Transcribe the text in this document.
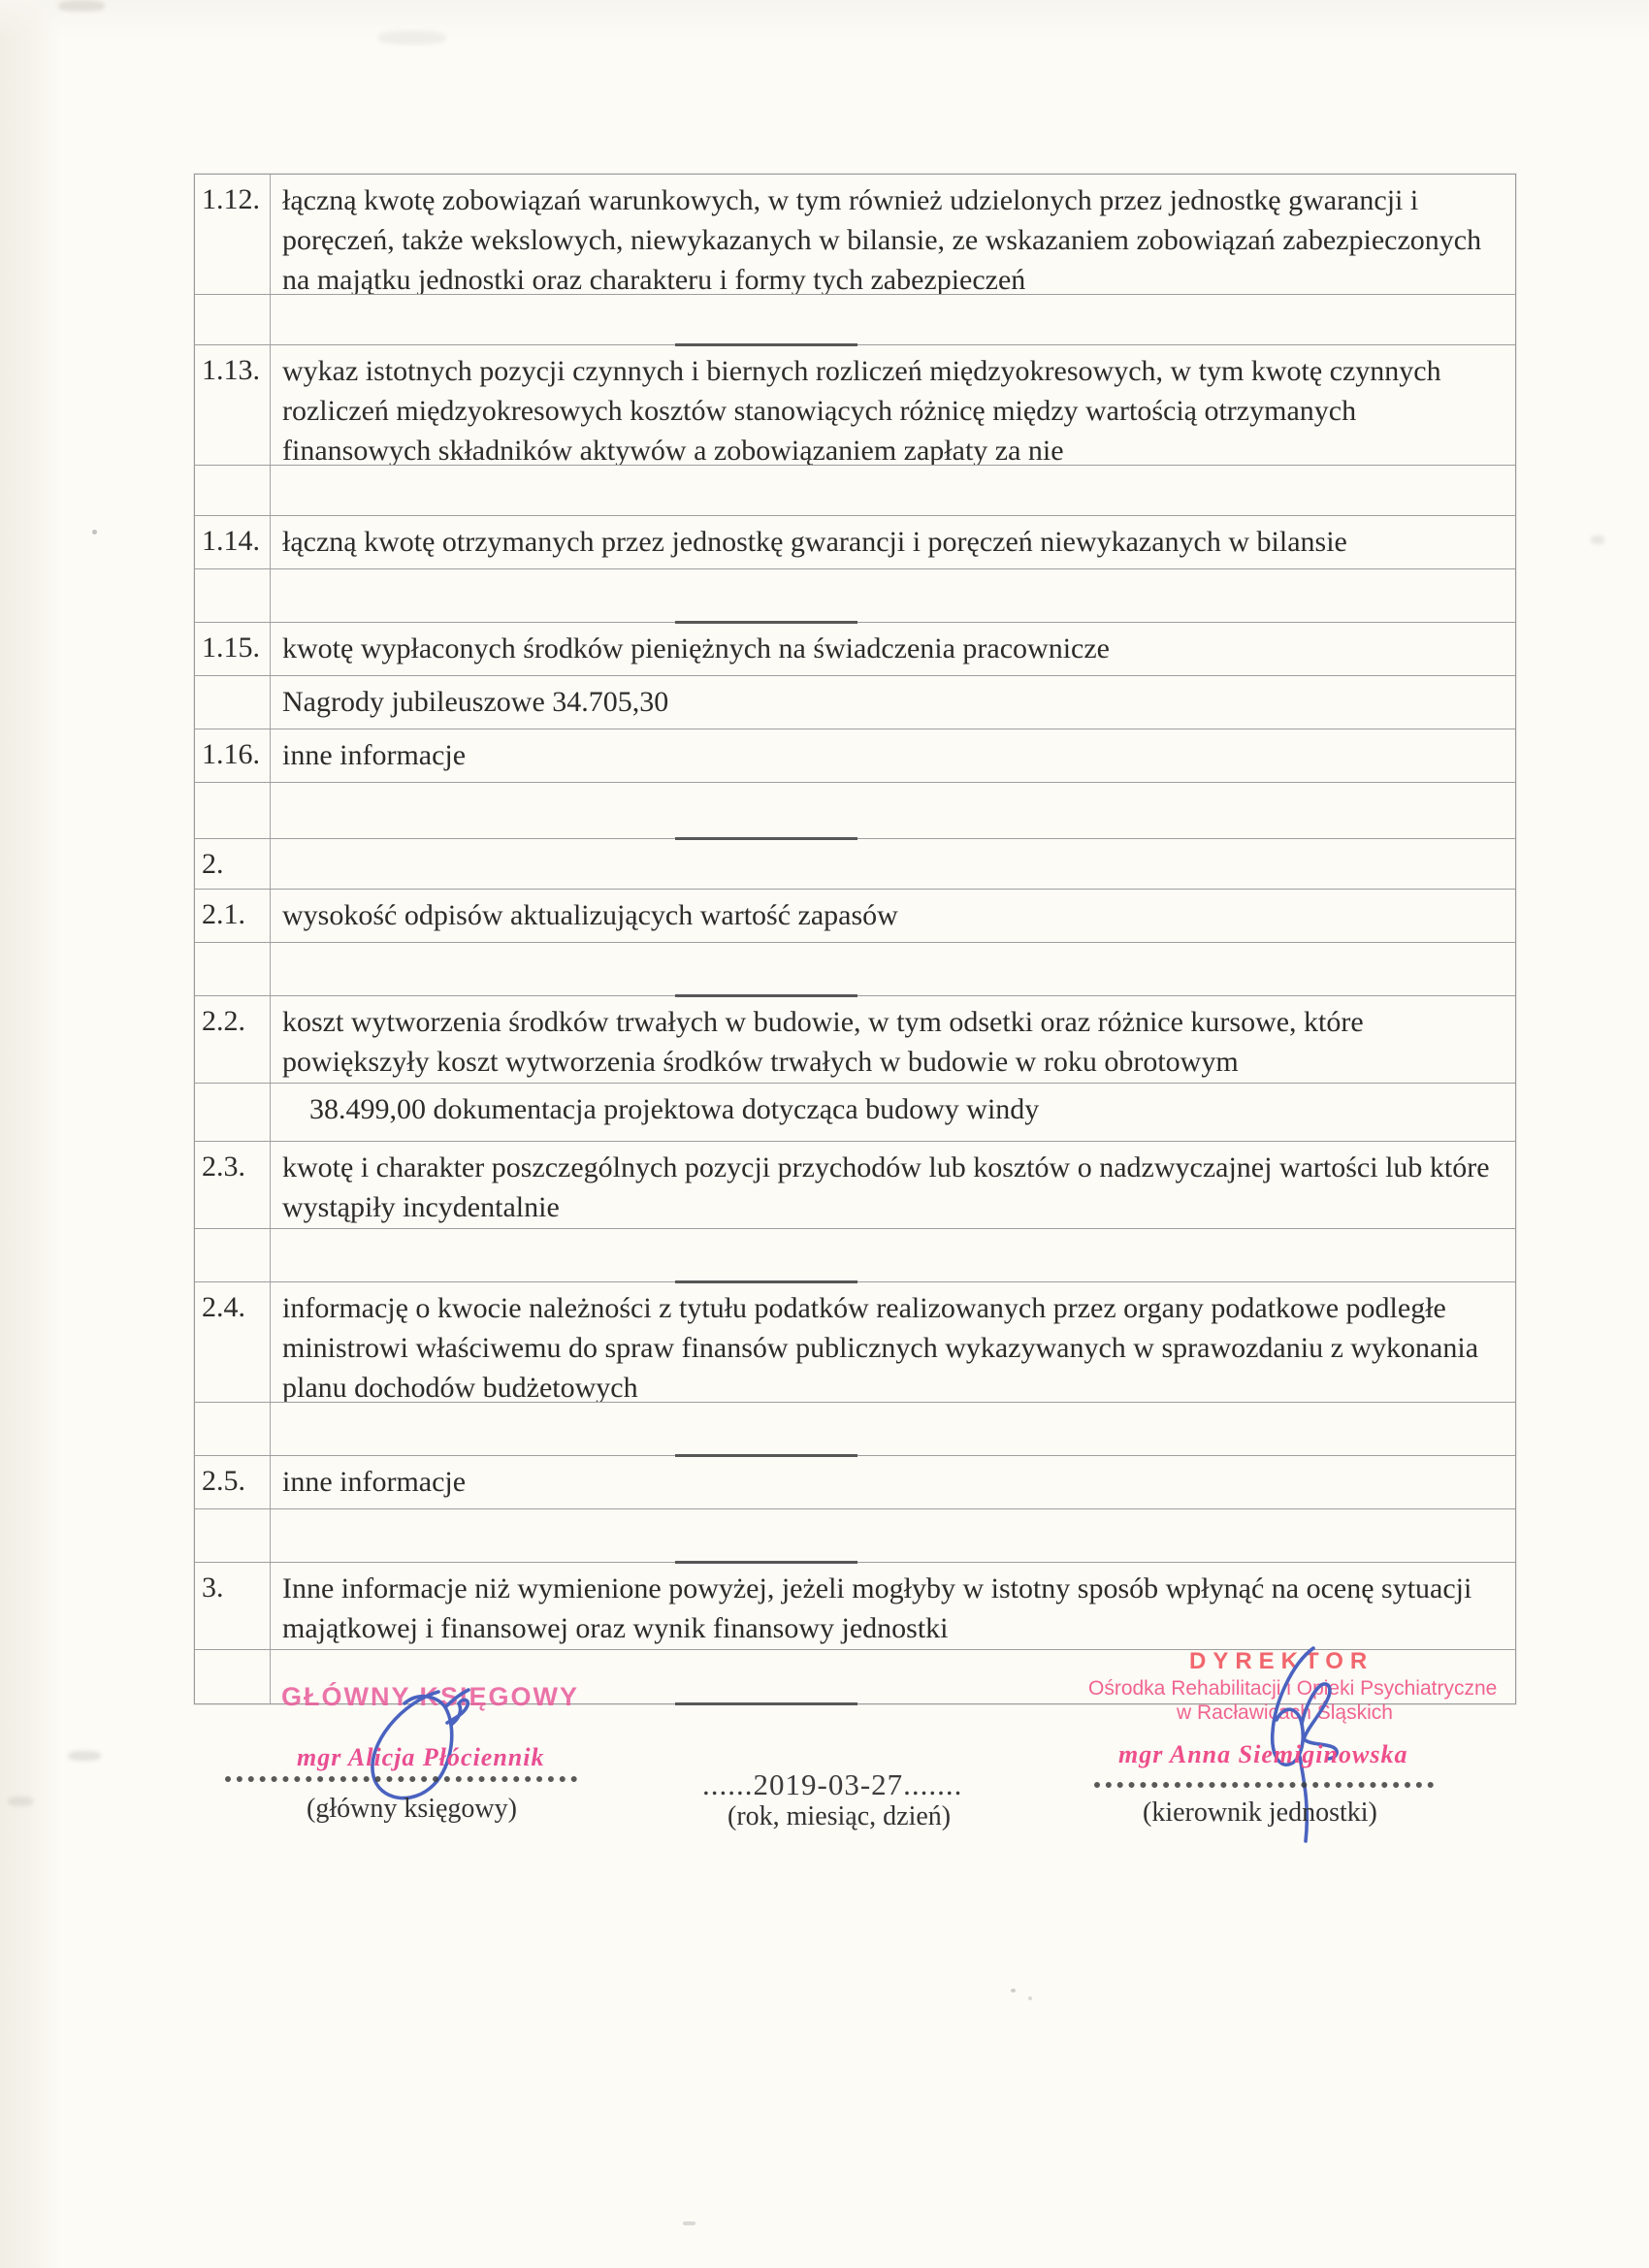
1.12. łączną kwotę zobowiązań warunkowych, w tym również udzielonych przez jednostkę gwarancji i poręczeń, także wekslowych, niewykazanych w bilansie, ze wskazaniem zobowiązań zabezpieczonych na majątku jednostki oraz charakteru i formy tych zabezpieczeń
1.13. wykaz istotnych pozycji czynnych i biernych rozliczeń międzyokresowych, w tym kwotę czynnych rozliczeń międzyokresowych kosztów stanowiących różnicę między wartością otrzymanych finansowych składników aktywów a zobowiązaniem zapłaty za nie
1.14. łączną kwotę otrzymanych przez jednostkę gwarancji i poręczeń niewykazanych w bilansie
1.15. kwotę wypłaconych środków pieniężnych na świadczenia pracownicze
Nagrody jubileuszowe 34.705,30
1.16. inne informacje
2.
2.1.	wysokość odpisów aktualizujących wartość zapasów
2.2.	koszt wytworzenia środków trwałych w budowie, w tym odsetki oraz różnice kursowe, które powiększyły koszt wytworzenia środków trwałych w budowie w roku obrotowym
38.499,00 dokumentacja projektowa dotycząca budowy windy
2.3.	kwotę i charakter poszczególnych pozycji przychodów lub kosztów o nadzwyczajnej wartości lub które wystąpiły incydentalnie
2.4.	informację o kwocie należności z tytułu podatków realizowanych przez organy podatkowe podległe ministrowi właściwemu do spraw finansów publicznych wykazywanych w sprawozdaniu z wykonania planu dochodów budżetowych
2.5.	inne informacje
3.	Inne informacje niż wymienione powyżej, jeżeli mogłyby w istotny sposób wpłynąć na ocenę sytuacji majątkowej i finansowej oraz wynik finansowy jednostki
GŁÓWNY KSIĘGOWY
mgr Alicja Płóciennik
(główny księgowy)
......2019-03-27.......
(rok, miesiąc, dzień)
DYREKTOR
Ośrodka Rehabilitacji i Opieki Psychiatryczne
w Racławicach Śląskich
mgr Anna Siemiginowska
(kierownik jednostki)
